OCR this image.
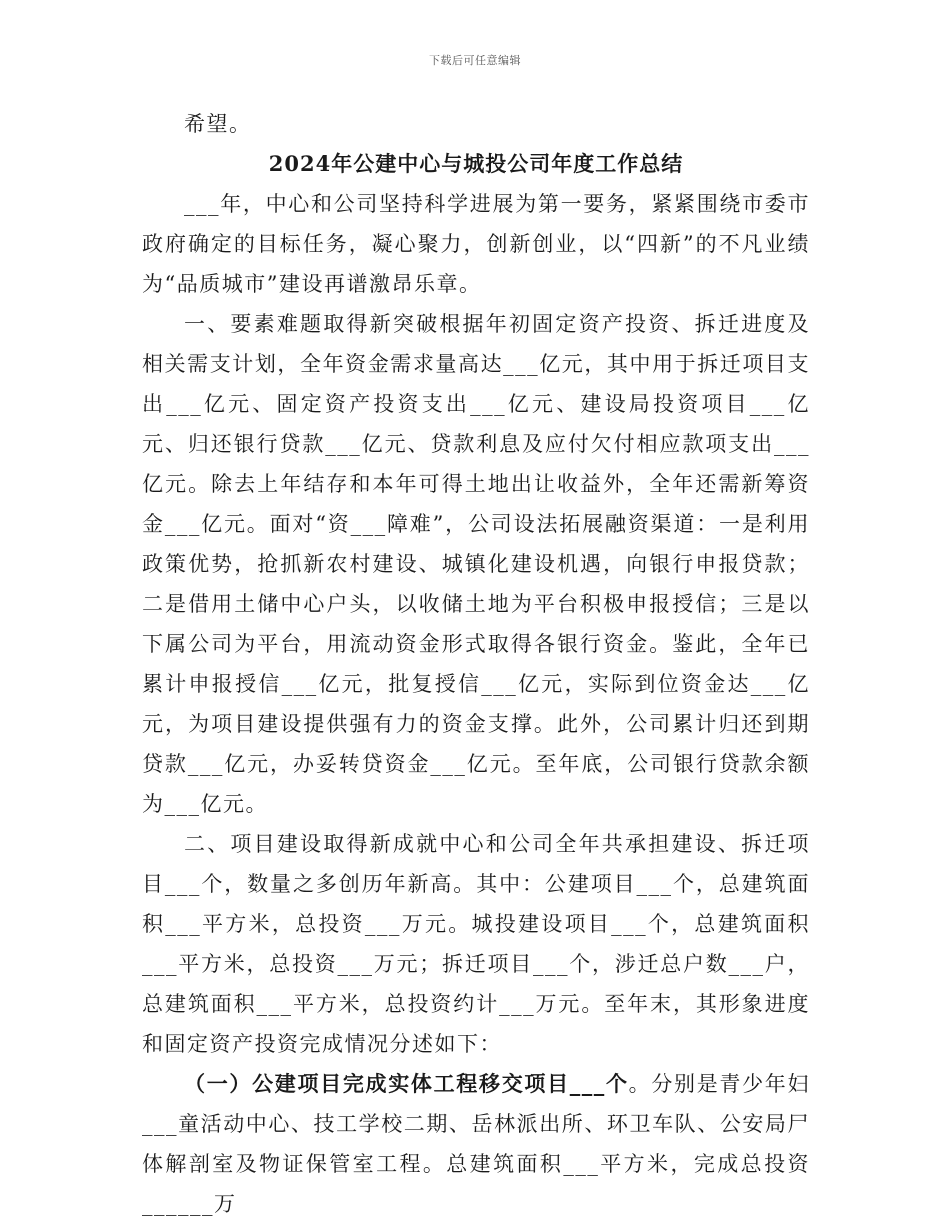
下载后可任意编辑

希望。

2024年公建中心与城投公司年度工作总结

___年，中心和公司坚持科学进展为第一要务，紧紧围绕市委市政府确定的目标任务，凝心聚力，创新创业，以“四新”的不凡业绩为“品质城市”建设再谱激昂乐章。

一、要素难题取得新突破根据年初固定资产投资、拆迁进度及相关需支计划，全年资金需求量高达___亿元，其中用于拆迁项目支出___亿元、固定资产投资支出___亿元、建设局投资项目___亿元、归还银行贷款___亿元、贷款利息及应付欠付相应款项支出___亿元。除去上年结存和本年可得土地出让收益外，全年还需新筹资金___亿元。面对“资___障难”，公司设法拓展融资渠道：一是利用政策优势，抢抓新农村建设、城镇化建设机遇，向银行申报贷款；二是借用土储中心户头，以收储土地为平台积极申报授信；三是以下属公司为平台，用流动资金形式取得各银行资金。鉴此，全年已累计申报授信___亿元，批复授信___亿元，实际到位资金达___亿元，为项目建设提供强有力的资金支撑。此外，公司累计归还到期贷款___亿元，办妥转贷资金___亿元。至年底，公司银行贷款余额为___亿元。

二、项目建设取得新成就中心和公司全年共承担建设、拆迁项目___个，数量之多创历年新高。其中：公建项目___个，总建筑面积___平方米，总投资___万元。城投建设项目___个，总建筑面积___平方米，总投资___万元；拆迁项目___个，涉迁总户数___户，总建筑面积___平方米，总投资约计___万元。至年末，其形象进度和固定资产投资完成情况分述如下：

（一）公建项目完成实体工程移交项目___个。分别是青少年妇___童活动中心、技工学校二期、岳林派出所、环卫车队、公安局尸体解剖室及物证保管室工程。总建筑面积___平方米，完成总投资______万
